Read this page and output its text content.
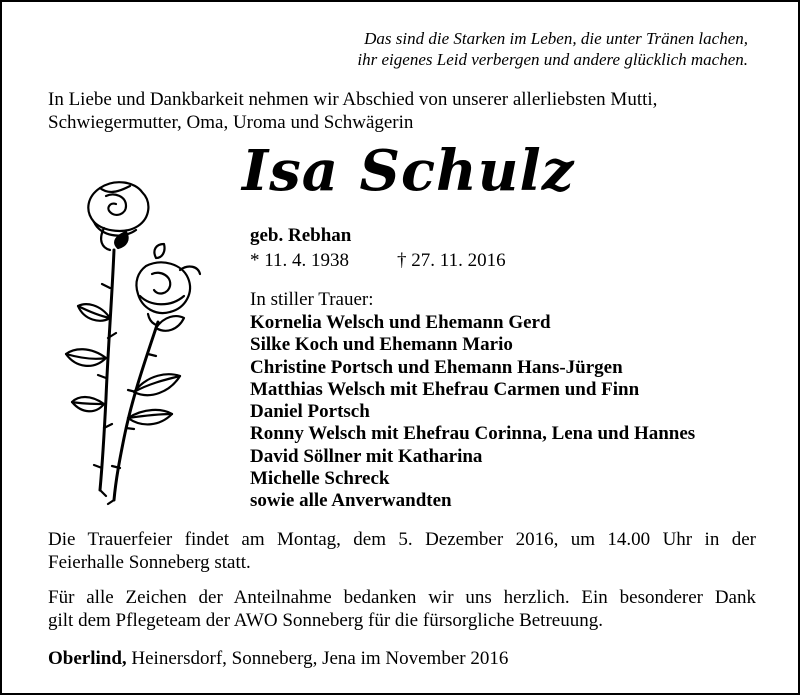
Das sind die Starken im Leben, die unter Tränen lachen,
ihr eigenes Leid verbergen und andere glücklich machen.
In Liebe und Dankbarkeit nehmen wir Abschied von unserer allerliebsten Mutti,
Schwiegermutter, Oma, Uroma und Schwägerin
Isa Schulz
geb. Rebhan
* 11. 4. 1938	† 27. 11. 2016
In stiller Trauer:
Kornelia Welsch und Ehemann Gerd
Silke Koch und Ehemann Mario
Christine Portsch und Ehemann Hans-Jürgen
Matthias Welsch mit Ehefrau Carmen und Finn
Daniel Portsch
Ronny Welsch mit Ehefrau Corinna, Lena und Hannes
David Söllner mit Katharina
Michelle Schreck
sowie alle Anverwandten
Die Trauerfeier findet am Montag, dem 5. Dezember 2016, um 14.00 Uhr in der
Feierhalle Sonneberg statt.
Für alle Zeichen der Anteilnahme bedanken wir uns herzlich. Ein besonderer Dank
gilt dem Pflegeteam der AWO Sonneberg für die fürsorgliche Betreuung.
Oberlind, Heinersdorf, Sonneberg, Jena im November 2016
